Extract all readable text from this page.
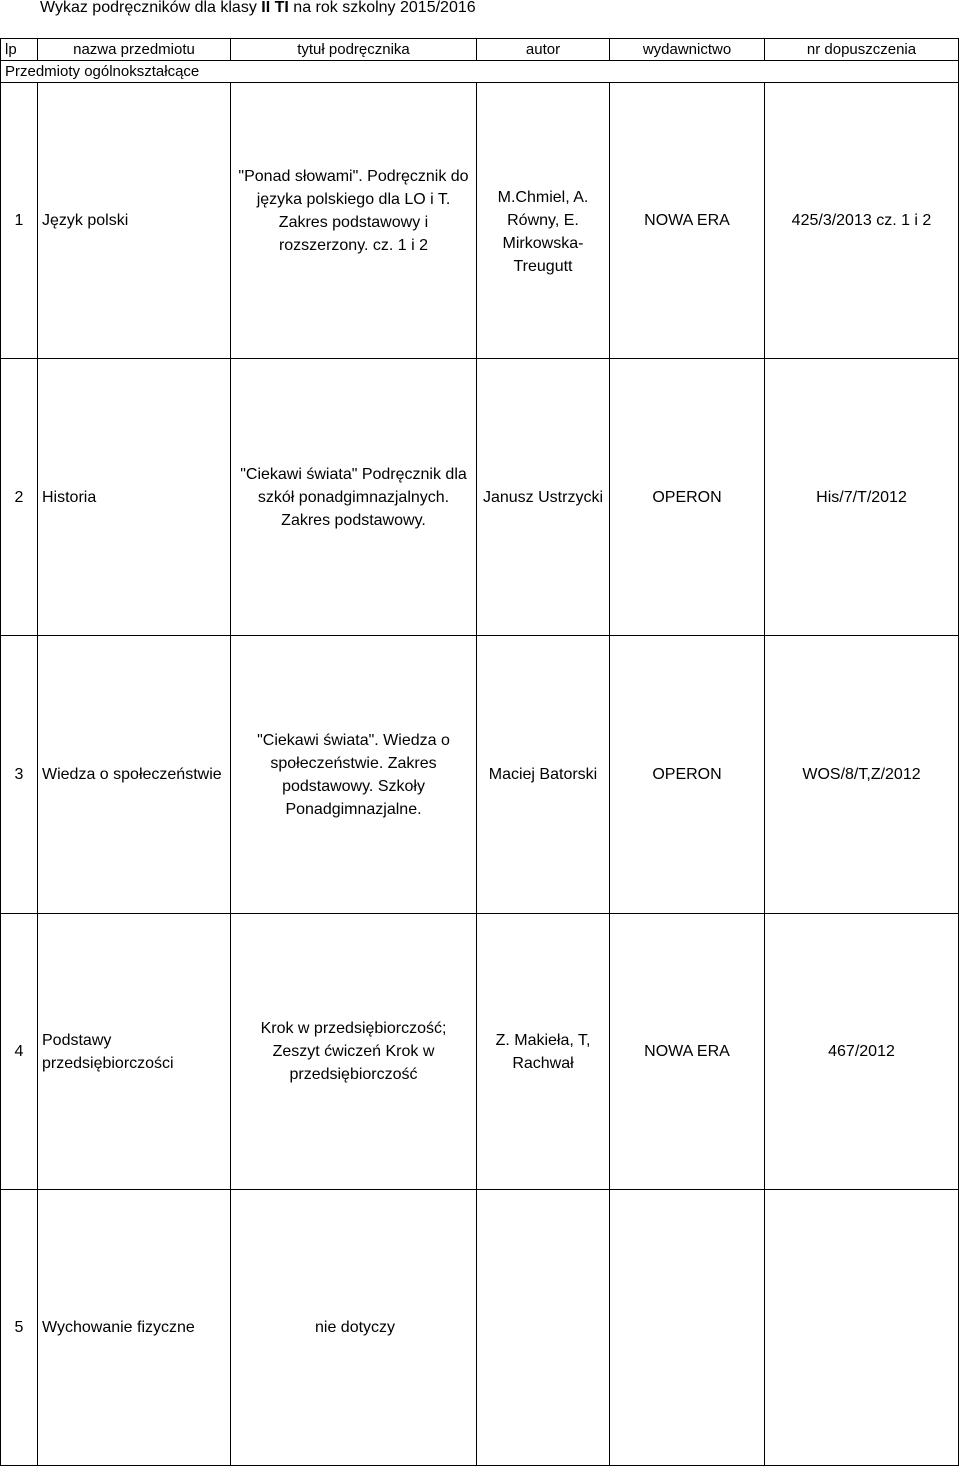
Wykaz podręczników dla klasy II TI na rok szkolny 2015/2016
lp	nazwa przedmiotu	tytuł podręcznika	autor	wydawnictwo	nr dopuszczenia
Przedmioty ogólnokształcące					
1	Język polski	"Ponad słowami". Podręcznik do języka polskiego dla LO i T. Zakres podstawowy i rozszerzony. cz. 1 i 2	M.Chmiel, A. Równy, E. Mirkowska-Treugutt	NOWA ERA	425/3/2013 cz. 1 i 2
2	Historia	"Ciekawi świata" Podręcznik dla szkół ponadgimnazjalnych. Zakres podstawowy.	Janusz Ustrzycki	OPERON	His/7/T/2012
3	Wiedza o społeczeństwie	"Ciekawi świata". Wiedza o społeczeństwie. Zakres podstawowy. Szkoły Ponadgimnazjalne.	Maciej Batorski	OPERON	WOS/8/T,Z/2012
4	Podstawy przedsiębiorczości	Krok w przedsiębiorczość; Zeszyt ćwiczeń Krok w przedsiębiorczość	Z. Makieła, T, Rachwał	NOWA ERA	467/2012
5	Wychowanie fizyczne	nie dotyczy			
